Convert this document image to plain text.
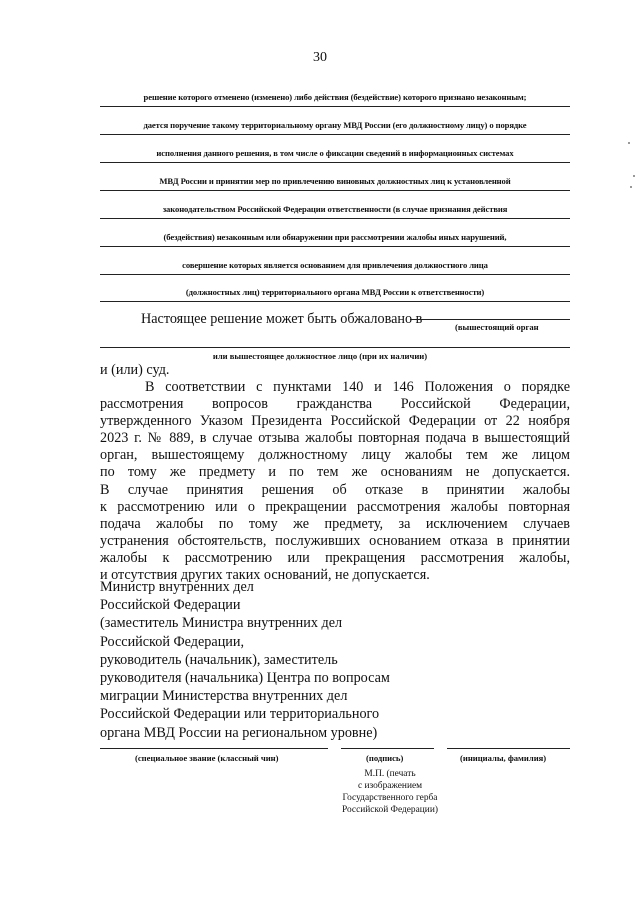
30
решение которого отменено (изменено) либо действия (бездействие) которого признано незаконным;
дается поручение такому территориальному органу МВД России (его должностному лицу) о порядке
исполнения данного решения, в том числе о фиксации сведений в информационных системах
МВД России и принятии мер по привлечению виновных должностных лиц к установленной
законодательством Российской Федерации ответственности (в случае признания действия
(бездействия) незаконным или обнаружении при рассмотрении жалобы иных нарушений,
совершение которых является основанием для привлечения должностного лица
(должностных лиц) территориального органа МВД России к ответственности)
Настоящее решение может быть обжаловано в	(вышестоящий орган
или вышестоящее должностное лицо (при их наличии)
и (или) суд.
В соответствии с пунктами 140 и 146 Положения о порядке
рассмотрения вопросов гражданства Российской Федерации,
утвержденного Указом Президента Российской Федерации от 22 ноября
2023 г. № 889, в случае отзыва жалобы повторная подача в вышестоящий
орган, вышестоящему должностному лицу жалобы тем же лицом
по тому же предмету и по тем же основаниям не допускается.
В случае принятия решения об отказе в принятии жалобы
к рассмотрению или о прекращении рассмотрения жалобы повторная
подача жалобы по тому же предмету, за исключением случаев
устранения обстоятельств, послуживших основанием отказа в принятии
жалобы к рассмотрению или прекращения рассмотрения жалобы,
и отсутствия других таких оснований, не допускается.
Министр внутренних дел
Российской Федерации
(заместитель Министра внутренних дел
Российской Федерации,
руководитель (начальник), заместитель
руководителя (начальника) Центра по вопросам
миграции Министерства внутренних дел
Российской Федерации или территориального
органа МВД России на региональном уровне)
(специальное звание (классный чин)	(подпись)	(инициалы, фамилия)
М.П. (печать
с изображением
Государственного герба
Российской Федерации)
